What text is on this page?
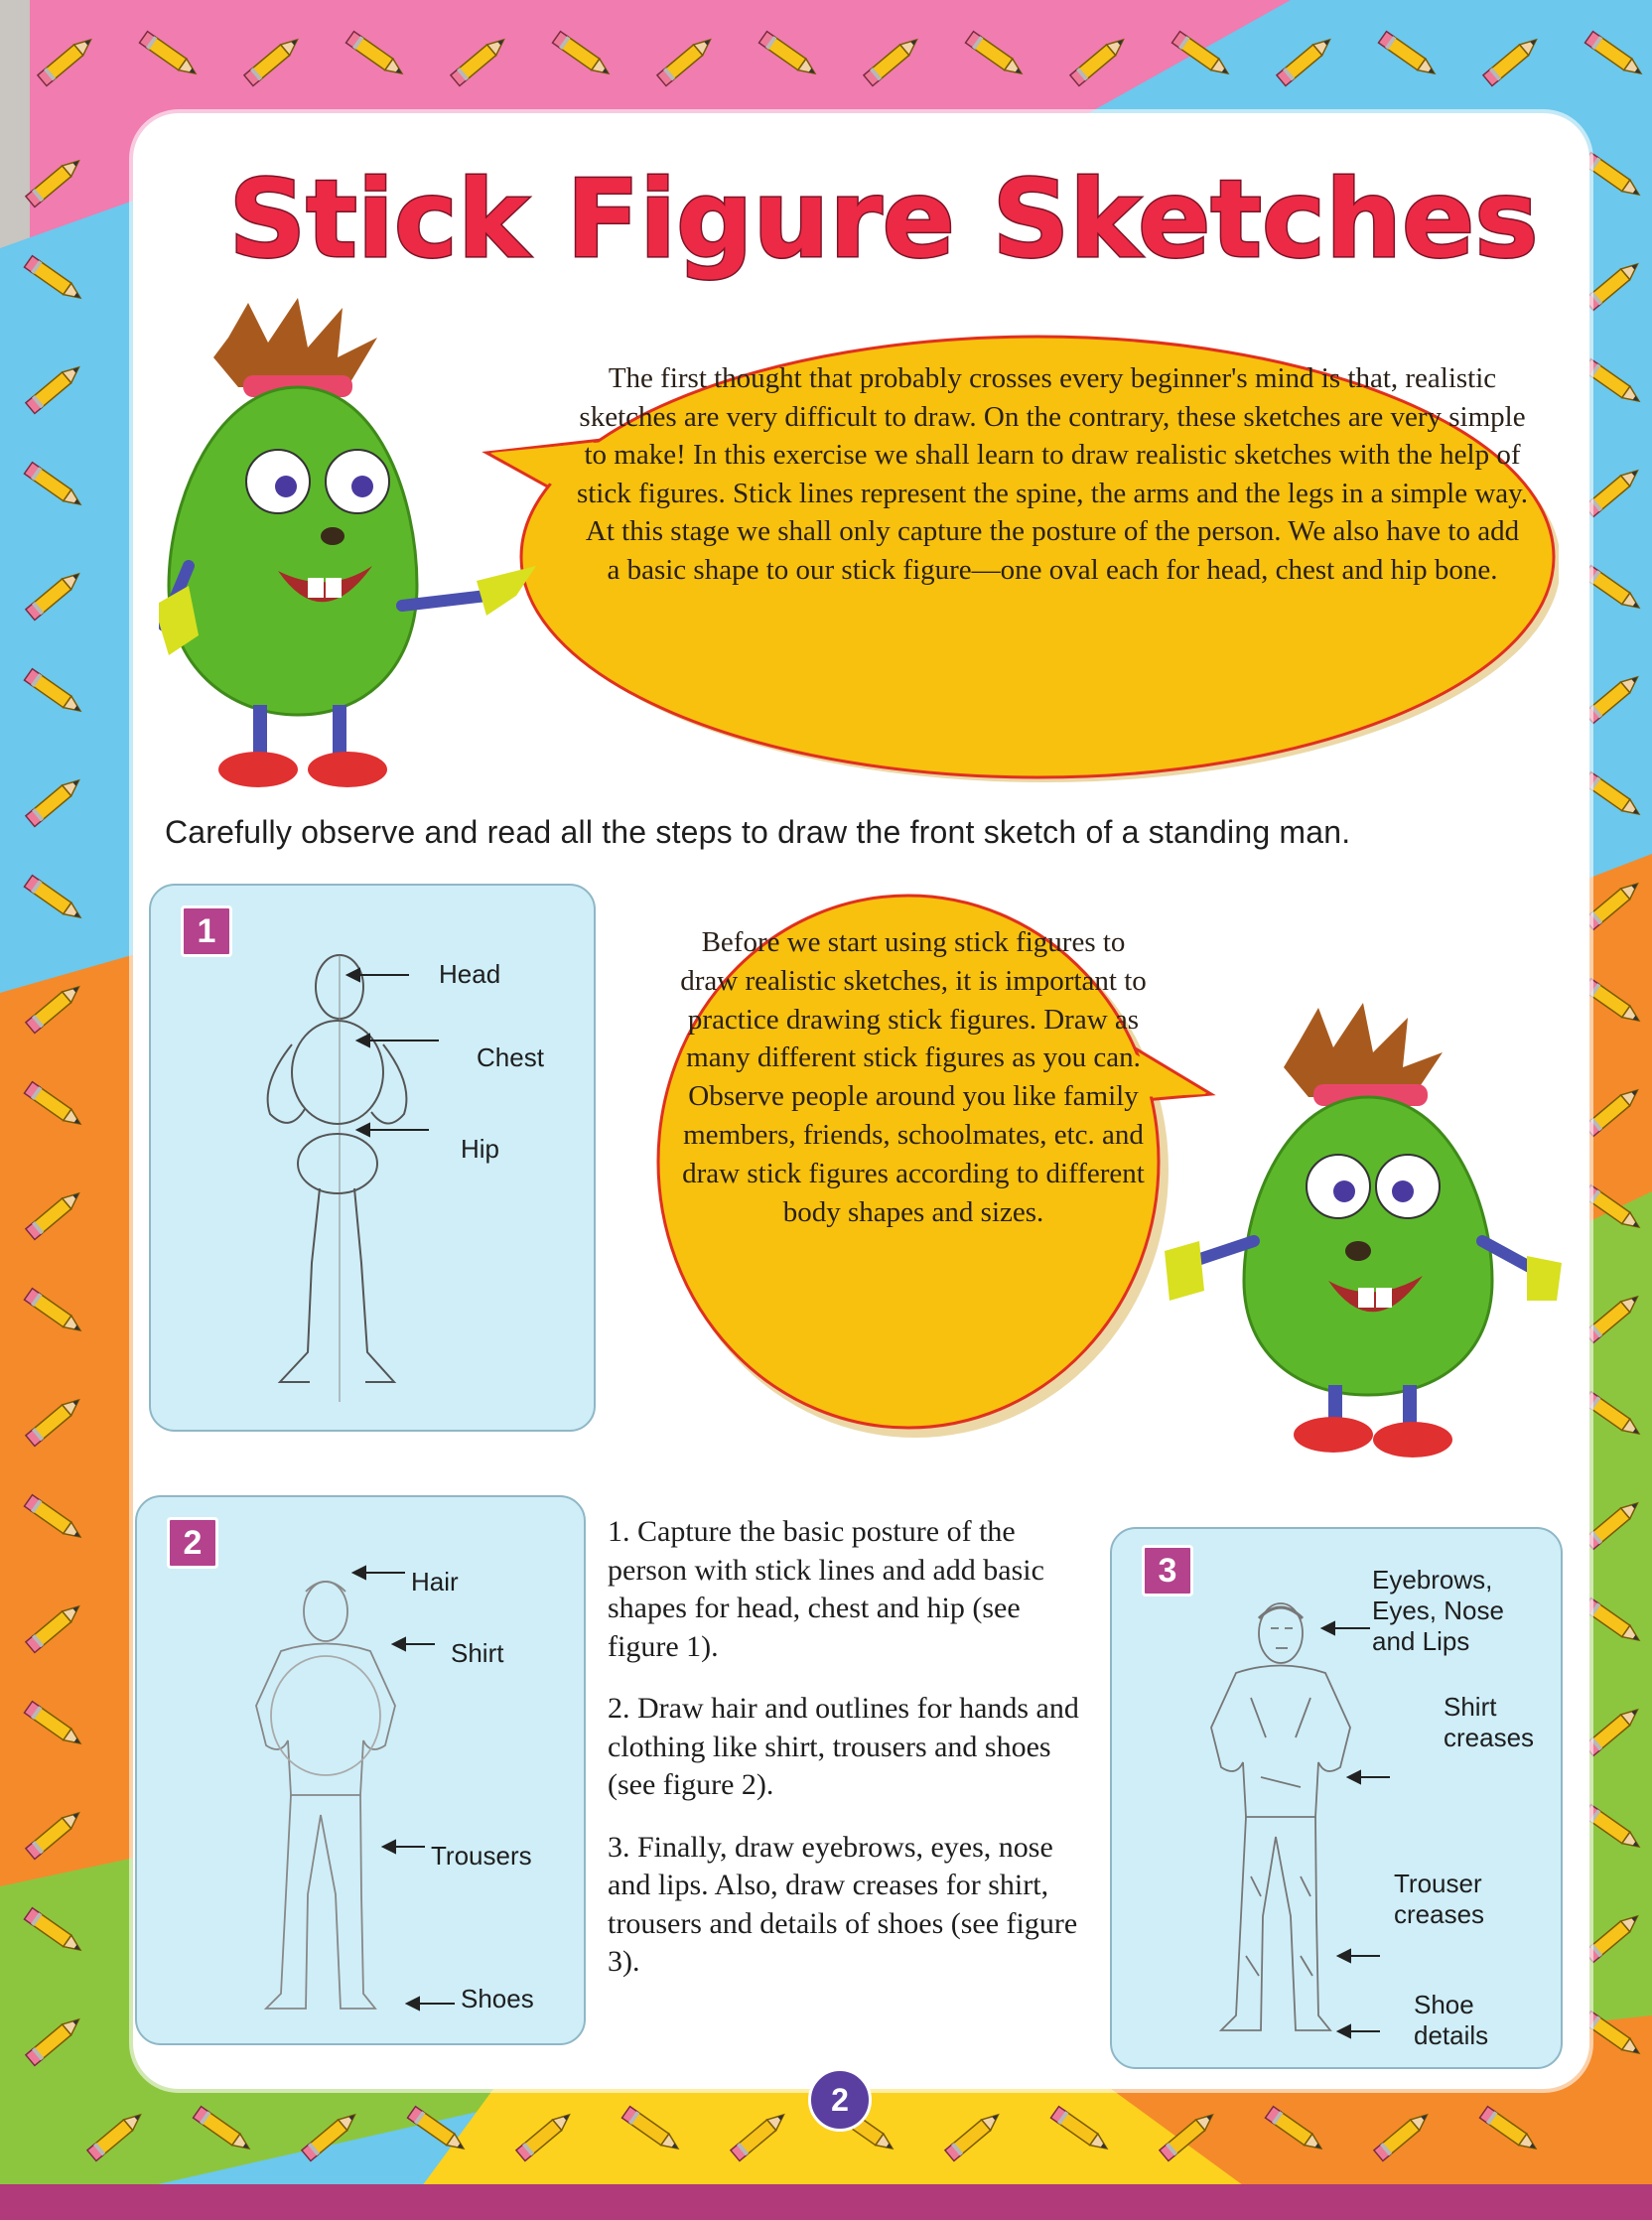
Stick Figure Sketches

The first thought that probably crosses every beginner's mind is that, realistic sketches are very difficult to draw. On the contrary, these sketches are very simple to make! In this exercise we shall learn to draw realistic sketches with the help of stick figures. Stick lines represent the spine, the arms and the legs in a simple way. At this stage we shall only capture the posture of the person. We also have to add a basic shape to our stick figure—one oval each for head, chest and hip bone.

Carefully observe and read all the steps to draw the front sketch of a standing man.

1
Head
Chest
Hip

Before we start using stick figures to draw realistic sketches, it is important to practice drawing stick figures. Draw as many different stick figures as you can. Observe people around you like family members, friends, schoolmates, etc. and draw stick figures according to different body shapes and sizes.

2
Hair
Shirt
Trousers
Shoes

1. Capture the basic posture of the person with stick lines and add basic shapes for head, chest and hip (see figure 1).

2. Draw hair and outlines for hands and clothing like shirt, trousers and shoes (see figure 2).

3. Finally, draw eyebrows, eyes, nose and lips. Also, draw creases for shirt, trousers and details of shoes (see figure 3).

3	Eyebrows,
Eyes, Nose
and Lips
Shirt
creases
Trouser
creases
Shoe
details
2
